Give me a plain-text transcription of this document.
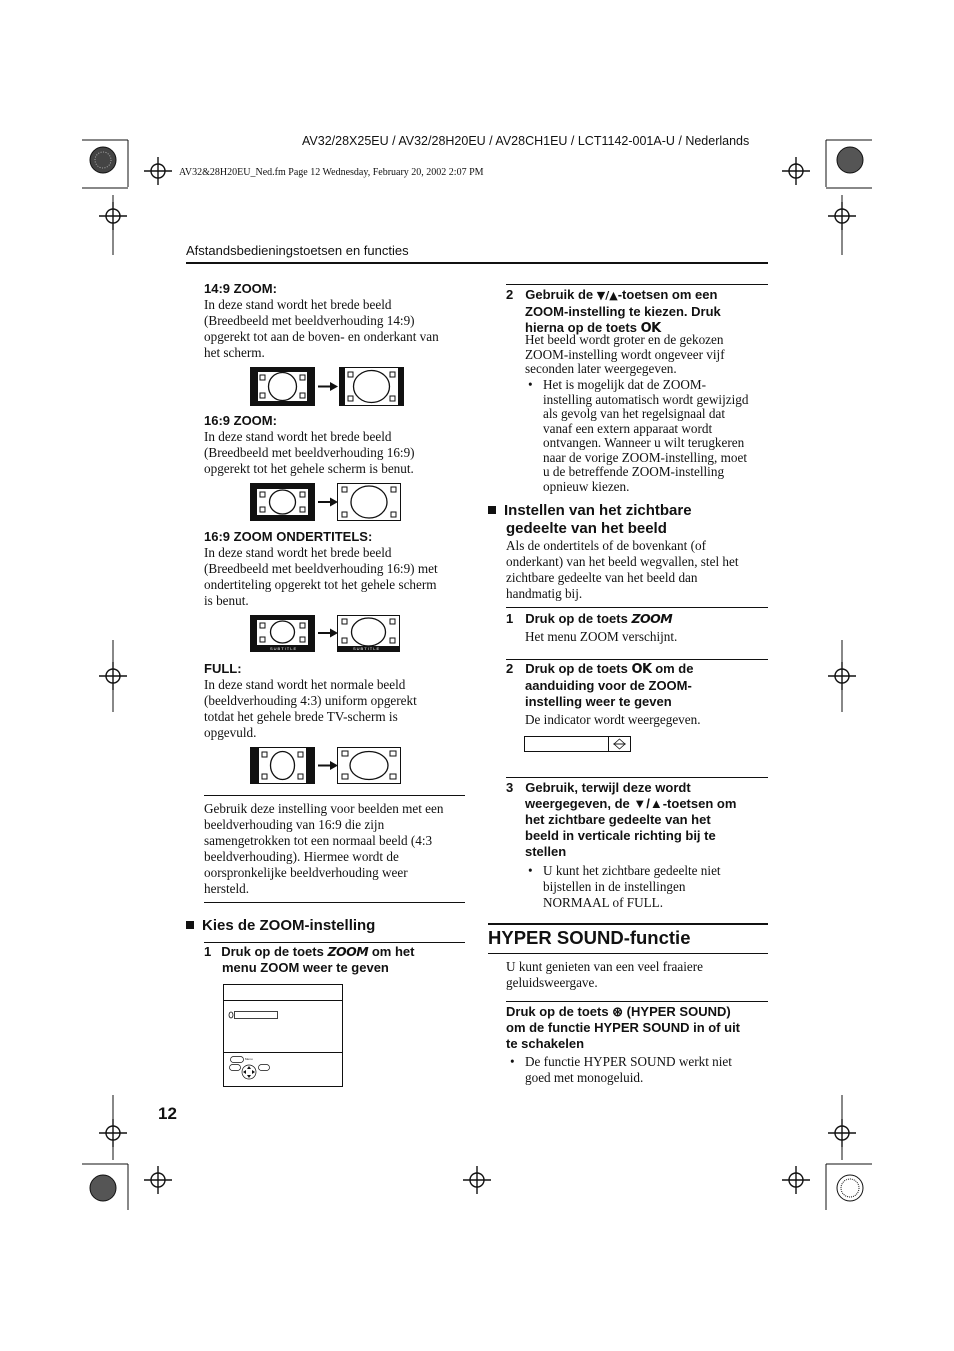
AV32/28X25EU / AV32/28H20EU / AV28CH1EU / LCT1142-001A-U / Nederlands
AV32&28H20EU_Ned.fm Page 12 Wednesday, February 20, 2002 2:07 PM
Afstandsbedieningstoetsen en functies
14:9 ZOOM:
In deze stand wordt het brede beeld
(Breedbeeld met beeldverhouding 14:9)
opgerekt tot aan de boven- en onderkant van
het scherm.
16:9 ZOOM:
In deze stand wordt het brede beeld
(Breedbeeld met beeldverhouding 16:9)
opgerekt tot het gehele scherm is benut.
16:9 ZOOM ONDERTITELS:
In deze stand wordt het brede beeld
(Breedbeeld met beeldverhouding 16:9) met
ondertiteling opgerekt tot het gehele scherm
is benut.
SUBTITLE	SUBTITLE
FULL:
In deze stand wordt het normale beeld
(beeldverhouding 4:3) uniform opgerekt
totdat het gehele brede TV-scherm is
opgevuld.
Gebruik deze instelling voor beelden met een
beeldverhouding van 16:9 die zijn
samengetrokken tot een normaal beeld (4:3
beeldverhouding). Hiermee wordt de
oorspronkelijke beeldverhouding weer
hersteld.
Kies de ZOOM-instelling
1 Druk op de toets ZOOM om het
menu ZOOM weer te geven
Menu
12
2 Gebruik de ▼/▲-toetsen om een
ZOOM-instelling te kiezen. Druk
hierna op de toets OK
Het beeld wordt groter en de gekozen
ZOOM-instelling wordt ongeveer vijf
seconden later weergegeven.
• Het is mogelijk dat de ZOOM-
instelling automatisch wordt gewijzigd
als gevolg van het regelsignaal dat
vanaf een extern apparaat wordt
ontvangen. Wanneer u wilt terugkeren
naar de vorige ZOOM-instelling, moet
u de betreffende ZOOM-instelling
opnieuw kiezen.
Instellen van het zichtbare
gedeelte van het beeld
Als de ondertitels of de bovenkant (of
onderkant) van het beeld wegvallen, stel het
zichtbare gedeelte van het beeld dan
handmatig bij.
1 Druk op de toets ZOOM
Het menu ZOOM verschijnt.
2 Druk op de toets OK om de
aanduiding voor de ZOOM-
instelling weer te geven
De indicator wordt weergegeven.
3 Gebruik, terwijl deze wordt
weergegeven, de ▼/▲-toetsen om
het zichtbare gedeelte van het
beeld in verticale richting bij te
stellen
• U kunt het zichtbare gedeelte niet
bijstellen in de instellingen
NORMAAL of FULL.
HYPER SOUND-functie
U kunt genieten van een veel fraaiere
geluidsweergave.
Druk op de toets ⊛ (HYPER SOUND)
om de functie HYPER SOUND in of uit
te schakelen
• De functie HYPER SOUND werkt niet
goed met monogeluid.
